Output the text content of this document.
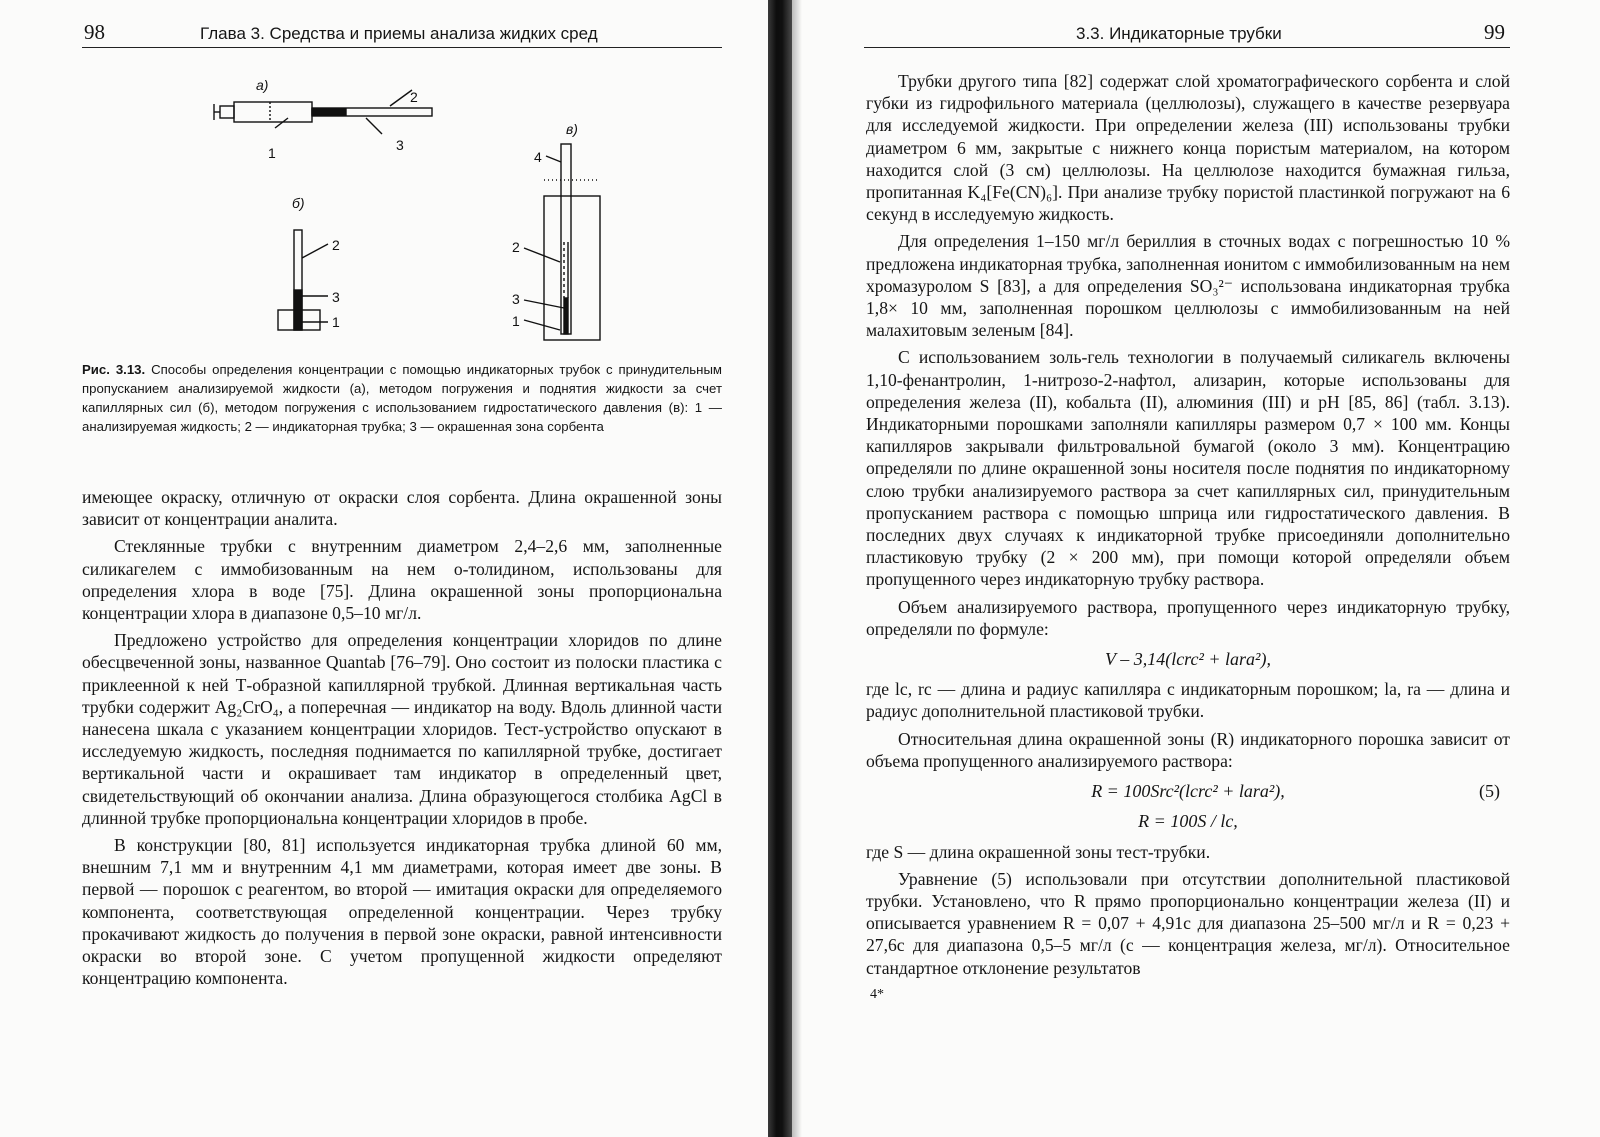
98	Глава 3. Средства и приемы анализа жидких сред
а)
1
2
3
б)
2
3
1
в)
4
2
3
1
Рис. 3.13. Способы определения концентрации с помощью индикаторных трубок с принудительным пропусканием анализируемой жидкости (а), методом погружения и поднятия жидкости за счет капиллярных сил (б), методом погружения с использованием гидростатического давления (в): 1 — анализируемая жидкость; 2 — индикаторная трубка; 3 — окрашенная зона сорбента

имеющее окраску, отличную от окраски слоя сорбента. Длина окрашенной зоны зависит от концентрации аналита.

Стеклянные трубки с внутренним диаметром 2,4–2,6 мм, заполненные силикагелем с иммобизованным на нем о-толидином, использованы для определения хлора в воде [75]. Длина окрашенной зоны пропорциональна концентрации хлора в диапазоне 0,5–10 мг/л.

Предложено устройство для определения концентрации хлоридов по длине обесцвеченной зоны, названное Quantab [76–79]. Оно состоит из полоски пластика с приклеенной к ней Т-образной капиллярной трубкой. Длинная вертикальная часть трубки содержит Ag₂CrO₄, а поперечная — индикатор на воду. Вдоль длинной части нанесена шкала с указанием концентрации хлоридов. Тест-устройство опускают в исследуемую жидкость, последняя поднимается по капиллярной трубке, достигает вертикальной части и окрашивает там индикатор в определенный цвет, свидетельствующий об окончании анализа. Длина образующегося столбика AgCl в длинной трубке пропорциональна концентрации хлоридов в пробе.

В конструкции [80, 81] используется индикаторная трубка длиной 60 мм, внешним 7,1 мм и внутренним 4,1 мм диаметрами, которая имеет две зоны. В первой — порошок с реагентом, во второй — имитация окраски для определяемого компонента, соответствующая определенной концентрации. Через трубку прокачивают жидкость до получения в первой зоне окраски, равной интенсивности окраски во второй зоне. С учетом пропущенной жидкости определяют концентрацию компонента.

3.3. Индикаторные трубки	99

Трубки другого типа [82] содержат слой хроматографического сорбента и слой губки из гидрофильного материала (целлюлозы), служащего в качестве резервуара для исследуемой жидкости. При определении железа (III) использованы трубки диаметром 6 мм, закрытые с нижнего конца пористым материалом, на котором находится слой (3 см) целлюлозы. На целлюлозе находится бумажная гильза, пропитанная K₄[Fe(CN)₆]. При анализе трубку пористой пластинкой погружают на 6 секунд в исследуемую жидкость.

Для определения 1–150 мг/л бериллия в сточных водах с погрешностью 10 % предложена индикаторная трубка, заполненная ионитом с иммобилизованным на нем хромазуролом S [83], а для определения SO₃²⁻ использована индикаторная трубка 1,8× 10 мм, заполненная порошком целлюлозы с иммобилизованным на ней малахитовым зеленым [84].

С использованием золь-гель технологии в получаемый силикагель включены 1,10-фенантролин, 1-нитрозо-2-нафтол, ализарин, которые использованы для определения железа (II), кобальта (II), алюминия (III) и pH [85, 86] (табл. 3.13). Индикаторными порошками заполняли капилляры размером 0,7 × 100 мм. Концы капилляров закрывали фильтровальной бумагой (около 3 мм). Концентрацию определяли по длине окрашенной зоны носителя после поднятия по индикаторному слою трубки анализируемого раствора за счет капиллярных сил, принудительным пропусканием раствора с помощью шприца или гидростатического давления. В последних двух случаях к индикаторной трубке присоединяли дополнительно пластиковую трубку (2 × 200 мм), при помощи которой определяли объем пропущенного через индикаторную трубку раствора.

Объем анализируемого раствора, пропущенного через индикаторную трубку, определяли по формуле:

V – 3,14(lcrc² + lara²),

где lc, rc — длина и радиус капилляра с индикаторным порошком; la, ra — длина и радиус дополнительной пластиковой трубки.

Относительная длина окрашенной зоны (R) индикаторного порошка зависит от объема пропущенного анализируемого раствора:

R = 100Src²(lcrc² + lara²),	(5)
R = 100S / lc,

где S — длина окрашенной зоны тест-трубки.

Уравнение (5) использовали при отсутствии дополнительной пластиковой трубки. Установлено, что R прямо пропорционально концентрации железа (II) и описывается уравнением R = 0,07 + 4,91c для диапазона 25–500 мг/л и R = 0,23 + 27,6c для диапазона 0,5–5 мг/л (c — концентрация железа, мг/л). Относительное стандартное отклонение результатов

4*
